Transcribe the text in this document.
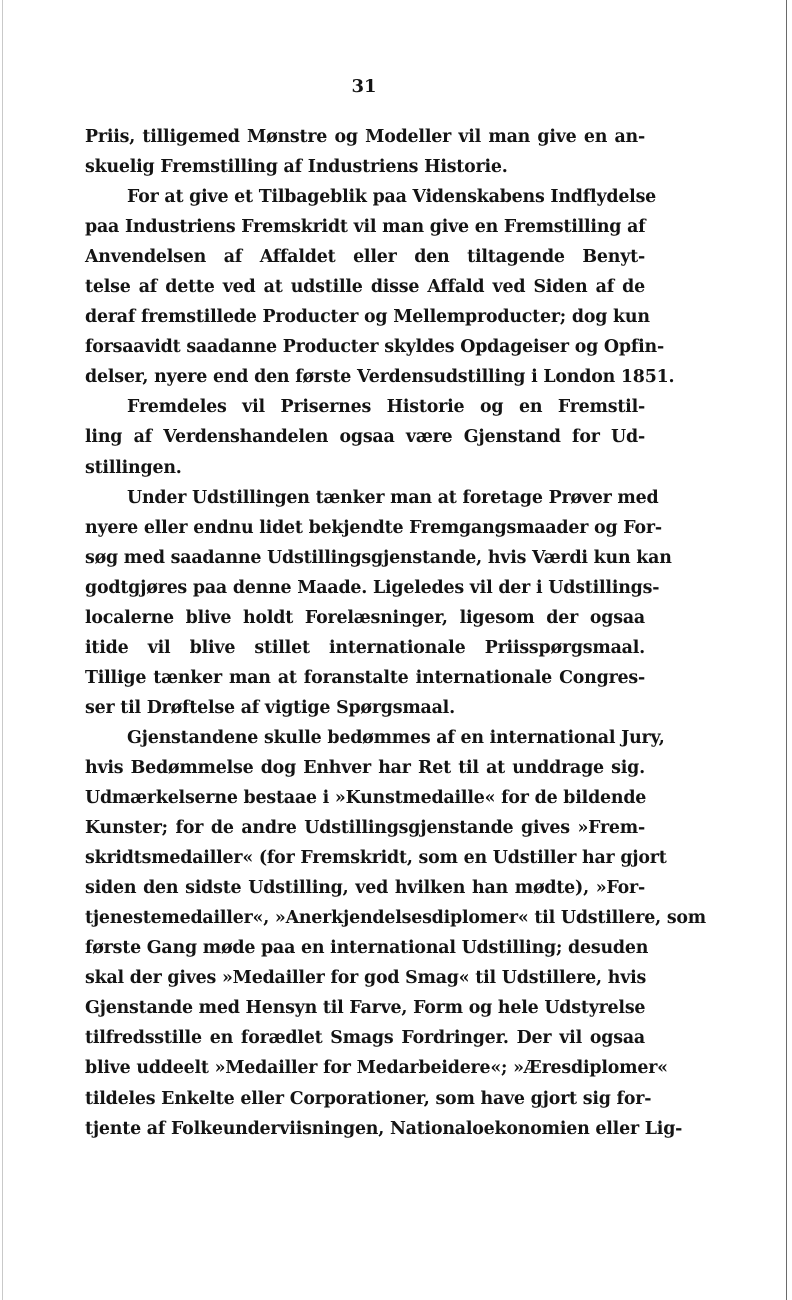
31
Priis, tilligemed Mønstre og Modeller vil man give en an-
skuelig Fremstilling af Industriens Historie.
For at give et Tilbageblik paa Videnskabens Indflydelse
paa Industriens Fremskridt vil man give en Fremstilling af
Anvendelsen af Affaldet eller den tiltagende Benyt-
telse af dette ved at udstille disse Affald ved Siden af de
deraf fremstillede Producter og Mellemproducter; dog kun
forsaavidt saadanne Producter skyldes Opdageiser og Opfin-
delser, nyere end den første Verdensudstilling i London 1851.
Fremdeles vil Prisernes Historie og en Fremstil-
ling af Verdenshandelen ogsaa være Gjenstand for Ud-
stillingen.
Under Udstillingen tænker man at foretage Prøver med
nyere eller endnu lidet bekjendte Fremgangsmaader og For-
søg med saadanne Udstillingsgjenstande, hvis Værdi kun kan
godtgjøres paa denne Maade. Ligeledes vil der i Udstillings-
localerne blive holdt Forelæsninger, ligesom der ogsaa
itide vil blive stillet internationale Priisspørgsmaal.
Tillige tænker man at foranstalte internationale Congres-
ser til Drøftelse af vigtige Spørgsmaal.
Gjenstandene skulle bedømmes af en international Jury,
hvis Bedømmelse dog Enhver har Ret til at unddrage sig.
Udmærkelserne bestaae i »Kunstmedaille« for de bildende
Kunster; for de andre Udstillingsgjenstande gives »Frem-
skridtsmedailler« (for Fremskridt, som en Udstiller har gjort
siden den sidste Udstilling, ved hvilken han mødte), »For-
tjenestemedailler«, »Anerkjendelsesdiplomer« til Udstillere, som
første Gang møde paa en international Udstilling; desuden
skal der gives »Medailler for god Smag« til Udstillere, hvis
Gjenstande med Hensyn til Farve, Form og hele Udstyrelse
tilfredsstille en forædlet Smags Fordringer. Der vil ogsaa
blive uddeelt »Medailler for Medarbeidere«; »Æresdiplomer«
tildeles Enkelte eller Corporationer, som have gjort sig for-
tjente af Folkeunderviisningen, Nationaloekonomien eller Lig-
